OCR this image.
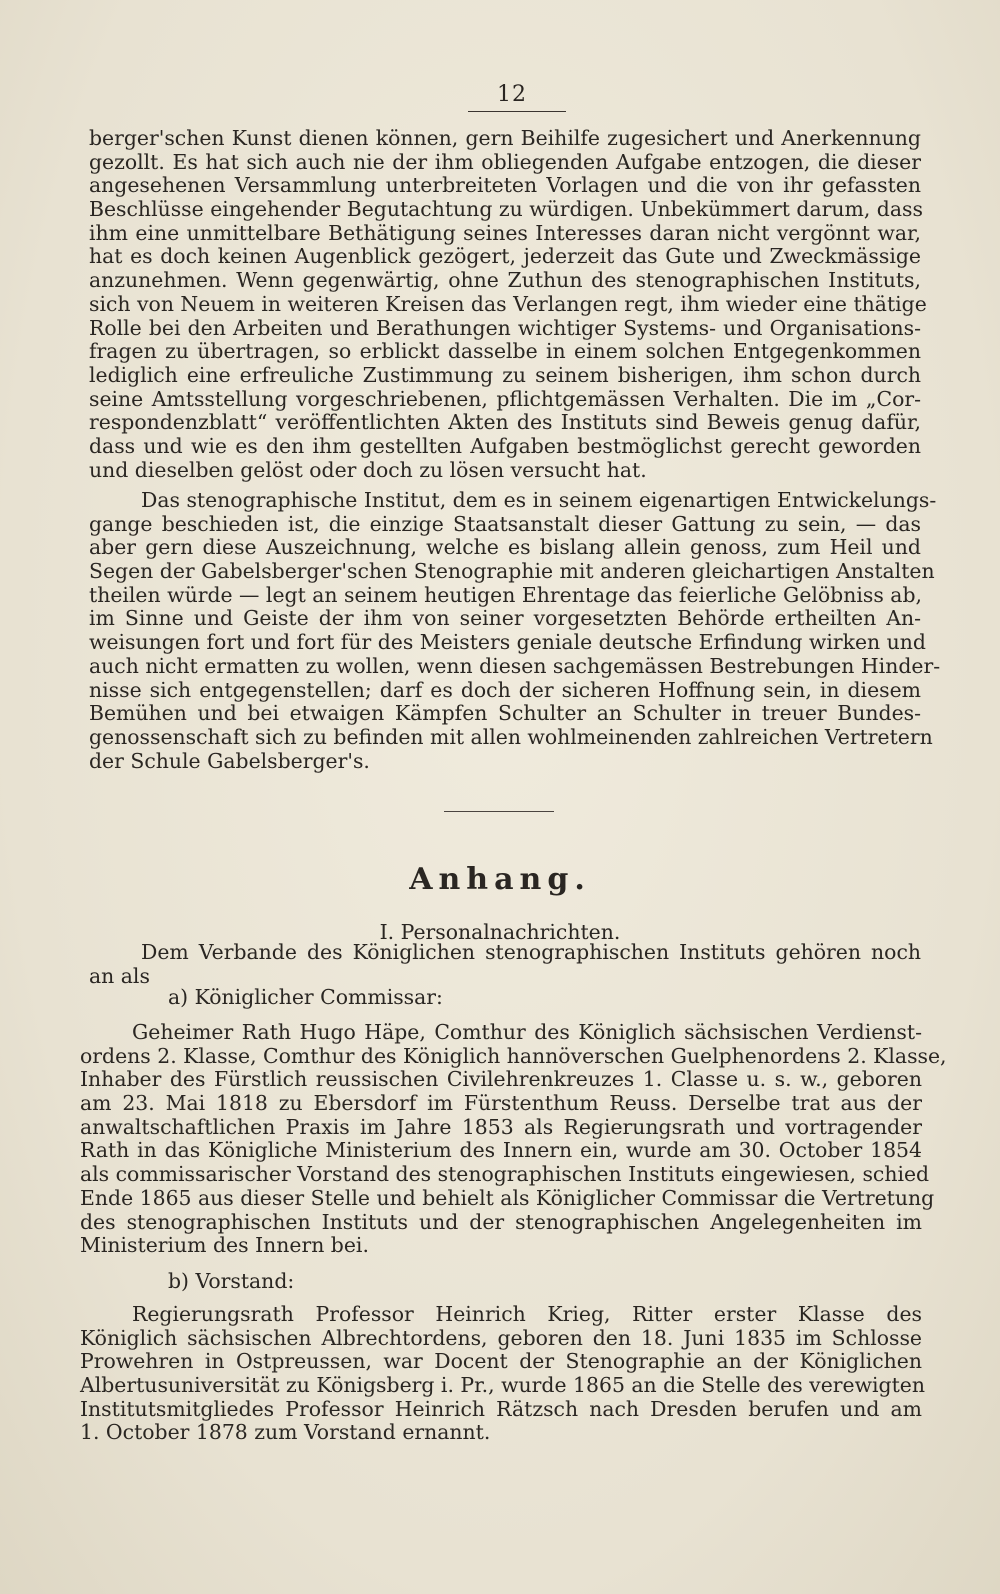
12
berger'schen Kunst dienen können, gern Beihilfe zugesichert und Anerkennung
gezollt. Es hat sich auch nie der ihm obliegenden Aufgabe entzogen, die dieser
angesehenen Versammlung unterbreiteten Vorlagen und die von ihr gefassten
Beschlüsse eingehender Begutachtung zu würdigen. Unbekümmert darum, dass
ihm eine unmittelbare Bethätigung seines Interesses daran nicht vergönnt war,
hat es doch keinen Augenblick gezögert, jederzeit das Gute und Zweckmässige
anzunehmen. Wenn gegenwärtig, ohne Zuthun des stenographischen Instituts,
sich von Neuem in weiteren Kreisen das Verlangen regt, ihm wieder eine thätige
Rolle bei den Arbeiten und Berathungen wichtiger Systems- und Organisations-
fragen zu übertragen, so erblickt dasselbe in einem solchen Entgegenkommen
lediglich eine erfreuliche Zustimmung zu seinem bisherigen, ihm schon durch
seine Amtsstellung vorgeschriebenen, pflichtgemässen Verhalten. Die im „Cor-
respondenzblatt“ veröffentlichten Akten des Instituts sind Beweis genug dafür,
dass und wie es den ihm gestellten Aufgaben bestmöglichst gerecht geworden
und dieselben gelöst oder doch zu lösen versucht hat.
Das stenographische Institut, dem es in seinem eigenartigen Entwickelungs-
gange beschieden ist, die einzige Staatsanstalt dieser Gattung zu sein, — das
aber gern diese Auszeichnung, welche es bislang allein genoss, zum Heil und
Segen der Gabelsberger'schen Stenographie mit anderen gleichartigen Anstalten
theilen würde — legt an seinem heutigen Ehrentage das feierliche Gelöbniss ab,
im Sinne und Geiste der ihm von seiner vorgesetzten Behörde ertheilten An-
weisungen fort und fort für des Meisters geniale deutsche Erfindung wirken und
auch nicht ermatten zu wollen, wenn diesen sachgemässen Bestrebungen Hinder-
nisse sich entgegenstellen; darf es doch der sicheren Hoffnung sein, in diesem
Bemühen und bei etwaigen Kämpfen Schulter an Schulter in treuer Bundes-
genossenschaft sich zu befinden mit allen wohlmeinenden zahlreichen Vertretern
der Schule Gabelsberger's.
Anhang.
I. Personalnachrichten.
Dem Verbande des Königlichen stenographischen Instituts gehören noch
an als
a) Königlicher Commissar:
Geheimer Rath Hugo Häpe, Comthur des Königlich sächsischen Verdienst-
ordens 2. Klasse, Comthur des Königlich hannöverschen Guelphenordens 2. Klasse,
Inhaber des Fürstlich reussischen Civilehrenkreuzes 1. Classe u. s. w., geboren
am 23. Mai 1818 zu Ebersdorf im Fürstenthum Reuss. Derselbe trat aus der
anwaltschaftlichen Praxis im Jahre 1853 als Regierungsrath und vortragender
Rath in das Königliche Ministerium des Innern ein, wurde am 30. October 1854
als commissarischer Vorstand des stenographischen Instituts eingewiesen, schied
Ende 1865 aus dieser Stelle und behielt als Königlicher Commissar die Vertretung
des stenographischen Instituts und der stenographischen Angelegenheiten im
Ministerium des Innern bei.
b) Vorstand:
Regierungsrath Professor Heinrich Krieg, Ritter erster Klasse des
Königlich sächsischen Albrechtordens, geboren den 18. Juni 1835 im Schlosse
Prowehren in Ostpreussen, war Docent der Stenographie an der Königlichen
Albertusuniversität zu Königsberg i. Pr., wurde 1865 an die Stelle des verewigten
Institutsmitgliedes Professor Heinrich Rätzsch nach Dresden berufen und am
1. October 1878 zum Vorstand ernannt.
